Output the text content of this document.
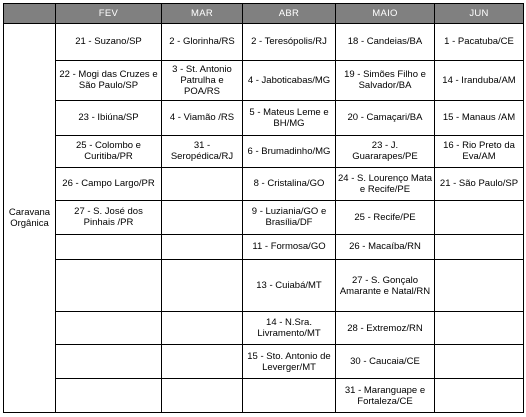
	FEV	MAR	ABR	MAIO	JUN
Caravana Orgânica	21 - Suzano/SP	2 - Glorinha/RS	2 - Teresópolis/RJ	18 - Candeias/BA	1 - Pacatuba/CE
	22 - Mogi das Cruzes e São Paulo/SP	3 - St. Antonio Patrulha e POA/RS	4 - Jaboticabas/MG	19 - Simões Filho e Salvador/BA	14 - Iranduba/AM
	23 - Ibiúna/SP	4 - Viamão /RS	5 - Mateus Leme e BH/MG	20 - Camaçari/BA	15 - Manaus /AM
	25 - Colombo e Curitiba/PR	31 - Seropédica/RJ	6 - Brumadinho/MG	23 - J. Guararapes/PE	16 - Rio Preto da Eva/AM
	26 - Campo Largo/PR		8 - Cristalina/GO	24 - S. Lourenço Mata e Recife/PE	21 - São Paulo/SP
	27 - S. José dos Pinhais /PR		9 - Luziania/GO e Brasília/DF	25 - Recife/PE	
			11 - Formosa/GO	26 - Macaíba/RN	
			13 - Cuiabá/MT	27 - S. Gonçalo Amarante e Natal/RN	
			14 - N.Sra. Livramento/MT	28 - Extremoz/RN	
			15 - Sto. Antonio de Leverger/MT	30 - Caucaia/CE	
				31 - Maranguape e Fortaleza/CE	
